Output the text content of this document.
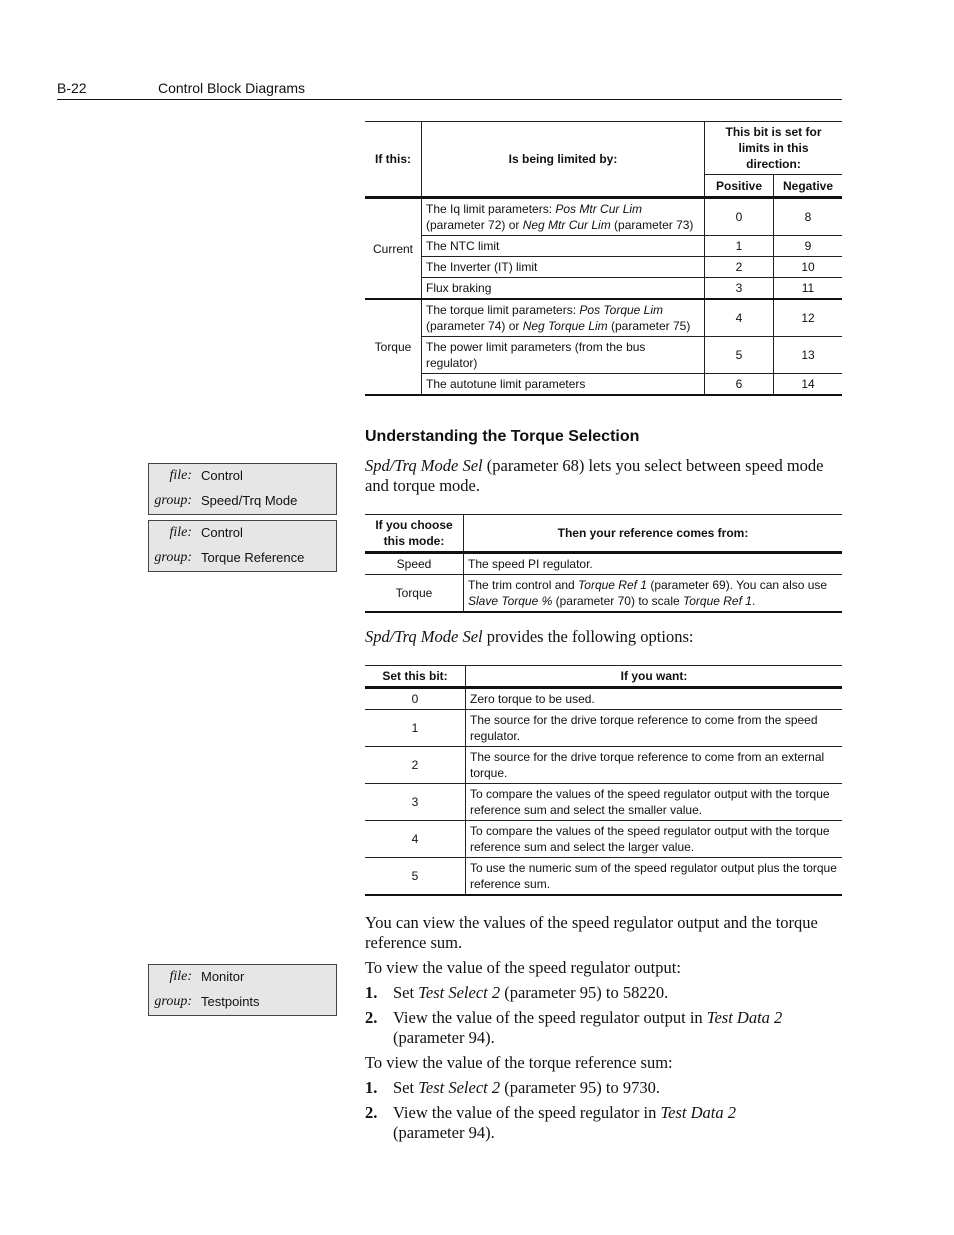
B-22	Control Block Diagrams
If this:	Is being limited by:	This bit is set for limits in this direction:	
		Positive	Negative
Current	The Iq limit parameters: Pos Mtr Cur Lim (parameter 72) or Neg Mtr Cur Lim (parameter 73)	0	8
	The NTC limit	1	9
	The Inverter (IT) limit	2	10
	Flux braking	3	11
Torque	The torque limit parameters: Pos Torque Lim (parameter 74) or Neg Torque Lim (parameter 75)	4	12
	The power limit parameters (from the bus regulator)	5	13
	The autotune limit parameters	6	14
Understanding the Torque Selection
Spd/Trq Mode Sel (parameter 68) lets you select between speed mode and torque mode.
file: Control
group: Speed/Trq Mode
file: Control
group: Torque Reference
If you choose this mode:	Then your reference comes from:
Speed	The speed PI regulator.
Torque	The trim control and Torque Ref 1 (parameter 69). You can also use Slave Torque % (parameter 70) to scale Torque Ref 1.
Spd/Trq Mode Sel provides the following options:
Set this bit:	If you want:
0	Zero torque to be used.
1	The source for the drive torque reference to come from the speed regulator.
2	The source for the drive torque reference to come from an external torque.
3	To compare the values of the speed regulator output with the torque reference sum and select the smaller value.
4	To compare the values of the speed regulator output with the torque reference sum and select the larger value.
5	To use the numeric sum of the speed regulator output plus the torque reference sum.
You can view the values of the speed regulator output and the torque reference sum.
file: Monitor
group: Testpoints
To view the value of the speed regulator output:
1. Set Test Select 2 (parameter 95) to 58220.
2. View the value of the speed regulator output in Test Data 2 (parameter 94).
To view the value of the torque reference sum:
1. Set Test Select 2 (parameter 95) to 9730.
2. View the value of the speed regulator in Test Data 2 (parameter 94).
